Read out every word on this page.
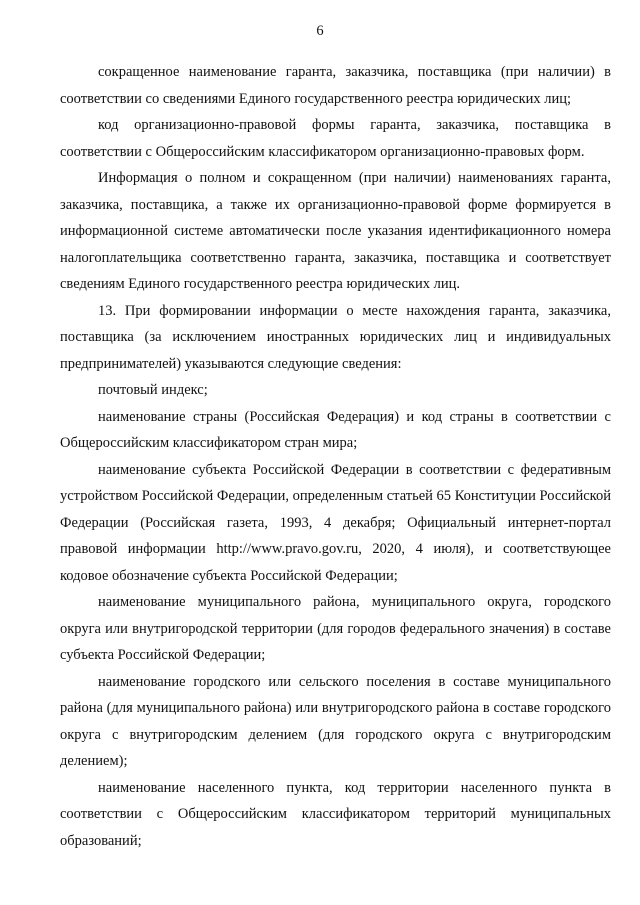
6

сокращенное наименование гаранта, заказчика, поставщика (при наличии) в соответствии со сведениями Единого государственного реестра юридических лиц;

код организационно-правовой формы гаранта, заказчика, поставщика в соответствии с Общероссийским классификатором организационно-правовых форм.

Информация о полном и сокращенном (при наличии) наименованиях гаранта, заказчика, поставщика, а также их организационно-правовой форме формируется в информационной системе автоматически после указания идентификационного номера налогоплательщика соответственно гаранта, заказчика, поставщика и соответствует сведениям Единого государственного реестра юридических лиц.

13. При формировании информации о месте нахождения гаранта, заказчика, поставщика (за исключением иностранных юридических лиц и индивидуальных предпринимателей) указываются следующие сведения:

почтовый индекс;

наименование страны (Российская Федерация) и код страны в соответствии с Общероссийским классификатором стран мира;

наименование субъекта Российской Федерации в соответствии с федеративным устройством Российской Федерации, определенным статьей 65 Конституции Российской Федерации (Российская газета, 1993, 4 декабря; Официальный интернет-портал правовой информации http://www.pravo.gov.ru, 2020, 4 июля), и соответствующее кодовое обозначение субъекта Российской Федерации;

наименование муниципального района, муниципального округа, городского округа или внутригородской территории (для городов федерального значения) в составе субъекта Российской Федерации;

наименование городского или сельского поселения в составе муниципального района (для муниципального района) или внутригородского района в составе городского округа с внутригородским делением (для городского округа с внутригородским делением);

наименование населенного пункта, код территории населенного пункта в соответствии с Общероссийским классификатором территорий муниципальных образований;
